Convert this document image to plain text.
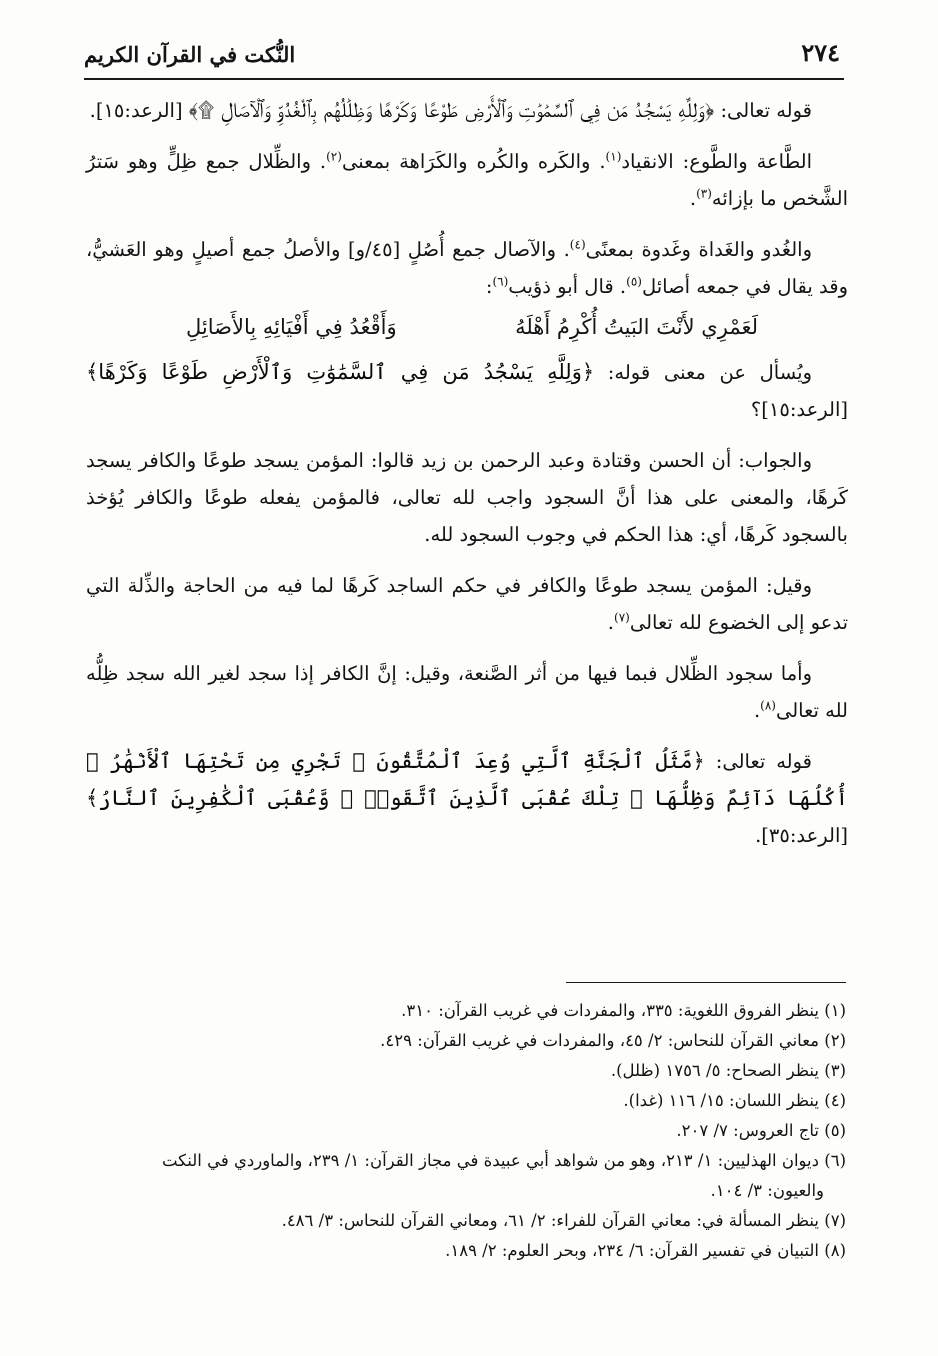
٢٧٤
النُّكت في القرآن الكريم

قوله تعالى: ﴿وَلِلَّهِ يَسْجُدُ مَن فِي ٱلسَّمَٰوَٰتِ وَٱلْأَرْضِ طَوْعًا وَكَرْهًا وَظِلَٰلُهُم بِٱلْغُدُوِّ وَٱلْآصَالِ ۩﴾ [الرعد:١٥].

الطَّاعة والطَّوع: الانقياد$^{(١)}$. والكَره والكُره والكَرَاهة بمعنى$^{(٢)}$. والظِّلال جمع ظِلٍّ وهو سَترُ الشَّخص ما بإزائه$^{(٣)}$.

والغُدو والغَداة وغَدوة بمعنًى$^{(٤)}$. والآصال جمع أُصُلٍ [٤٥/و] والأصلُ جمع أصيلٍ وهو العَشيُّ، وقد يقال في جمعه أصائل$^{(٥)}$. قال أبو ذؤيب$^{(٦)}$:

لَعَمْرِي لأَنْتَ البَيتُ أُكْرِمُ أَهْلَهُ
وَأَقْعُدُ فِي أَفْيَائِهِ بِالأَصَائِلِ

ويُسأل عن معنى قوله: ﴿وَلِلَّهِ يَسْجُدُ مَن فِي ٱلسَّمَٰوَٰتِ وَٱلْأَرْضِ طَوْعًا وَكَرْهًا﴾ [الرعد:١٥]؟

والجواب: أن الحسن وقتادة وعبد الرحمن بن زيد قالوا: المؤمن يسجد طوعًا والكافر يسجد كَرهًا، والمعنى على هذا أنَّ السجود واجب لله تعالى، فالمؤمن يفعله طوعًا والكافر يُؤخذ بالسجود كَرهًا، أي: هذا الحكم في وجوب السجود لله.

وقيل: المؤمن يسجد طوعًا والكافر في حكم الساجد كَرهًا لما فيه من الحاجة والذِّلة التي تدعو إلى الخضوع لله تعالى$^{(٧)}$.

وأما سجود الظِّلال فبما فيها من أثر الصَّنعة، وقيل: إنَّ الكافر إذا سجد لغير الله سجد ظِلُّه لله تعالى$^{(٨)}$.

قوله تعالى: ﴿مَّثَلُ ٱلْجَنَّةِ ٱلَّتِي وُعِدَ ٱلْمُتَّقُونَ ۖ تَجْرِي مِن تَحْتِهَا ٱلْأَنْهَٰرُ ۖ أُكُلُهَا دَآئِمٌ وَظِلُّهَا ۚ تِلْكَ عُقْبَى ٱلَّذِينَ ٱتَّقَوا۟ ۖ وَّعُقْبَى ٱلْكَٰفِرِينَ ٱلنَّارُ﴾ [الرعد:٣٥].

(١) ينظر الفروق اللغوية: ٣٣٥، والمفردات في غريب القرآن: ٣١٠.

(٢) معاني القرآن للنحاس: ٢/ ٤٥، والمفردات في غريب القرآن: ٤٢٩.

(٣) ينظر الصحاح: ٥/ ١٧٥٦ (ظلل).

(٤) ينظر اللسان: ١٥/ ١١٦ (غدا).

(٥) تاج العروس: ٧/ ٢٠٧.

(٦) ديوان الهذليين: ١/ ٢١٣، وهو من شواهد أبي عبيدة في مجاز القرآن: ١/ ٢٣٩، والماوردي في النكت

والعيون: ٣/ ١٠٤.

(٧) ينظر المسألة في: معاني القرآن للفراء: ٢/ ٦١، ومعاني القرآن للنحاس: ٣/ ٤٨٦.

(٨) التبيان في تفسير القرآن: ٦/ ٢٣٤، وبحر العلوم: ٢/ ١٨٩.
